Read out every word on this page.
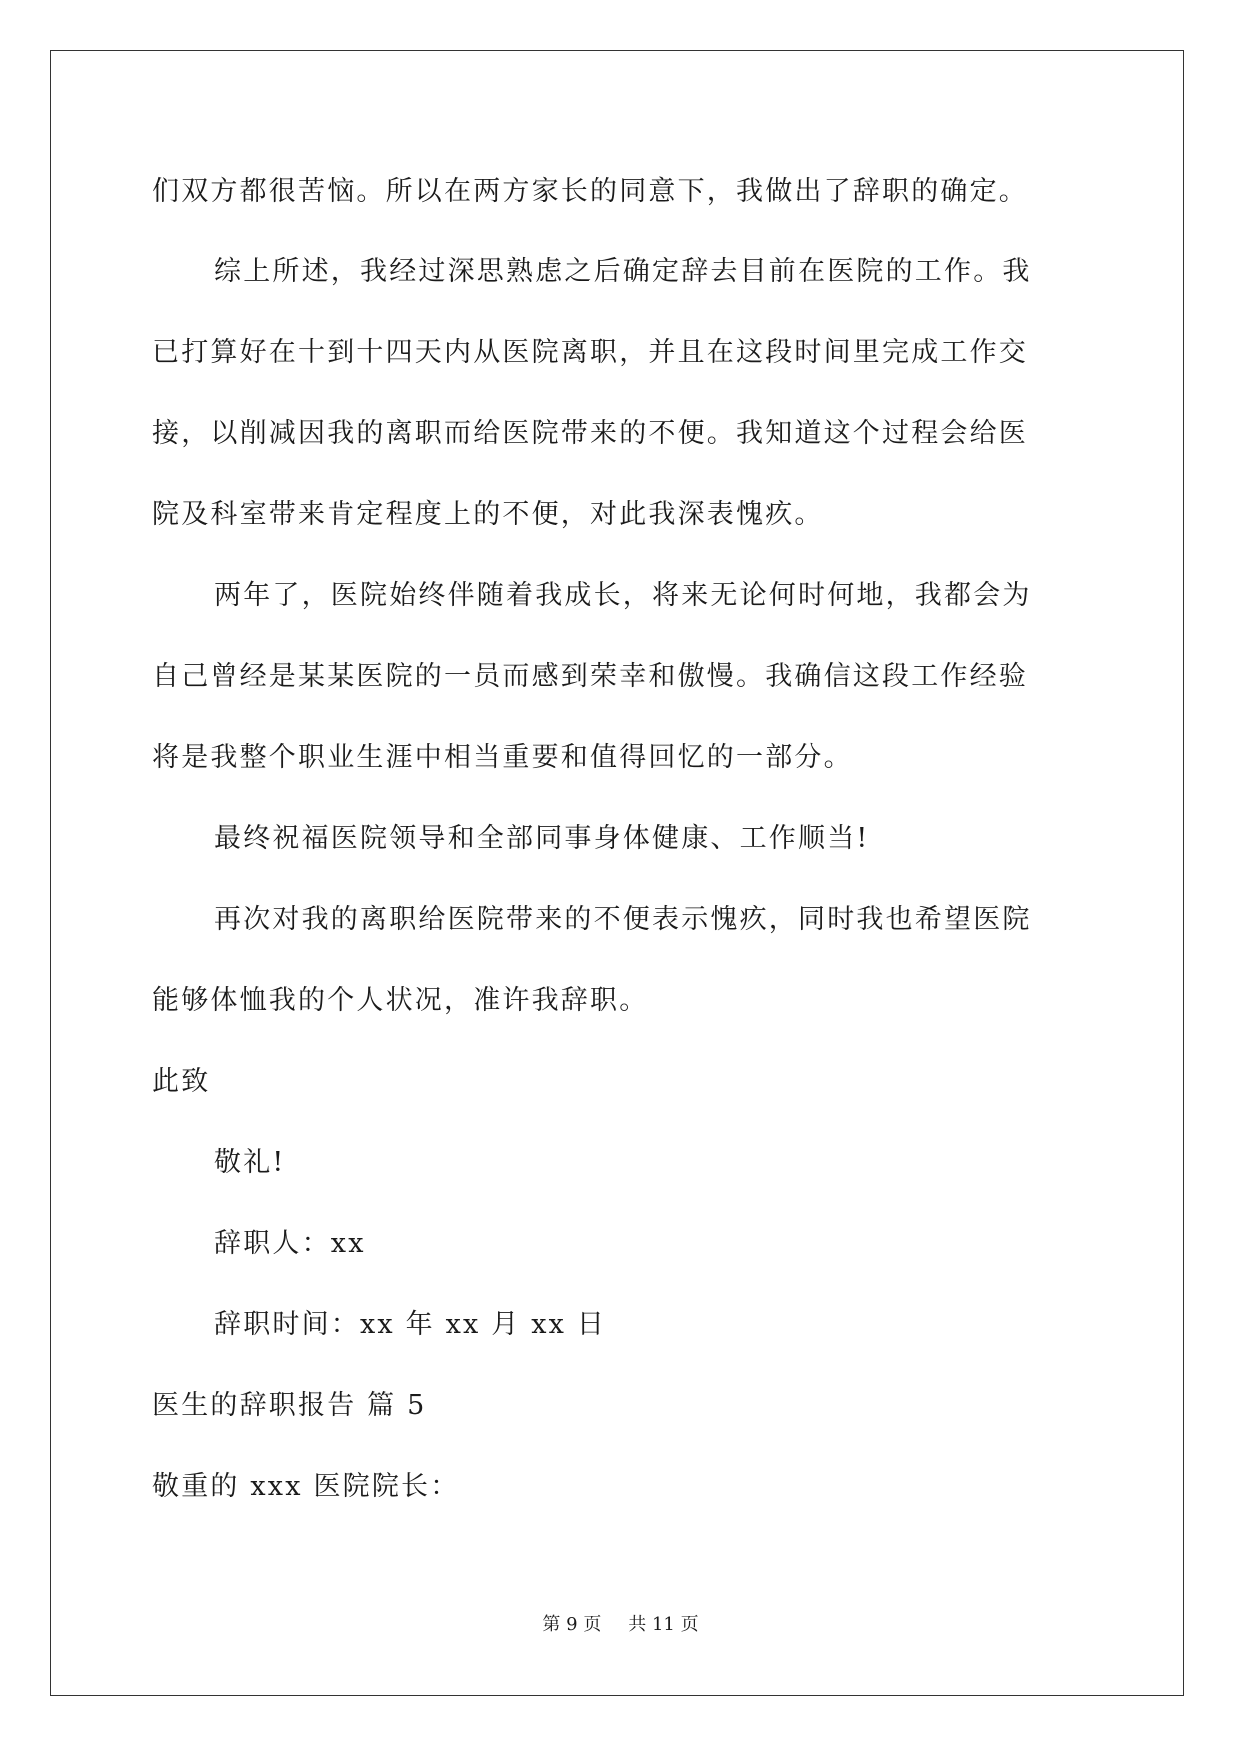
们双方都很苦恼。所以在两方家长的同意下，我做出了辞职的确定。
综上所述，我经过深思熟虑之后确定辞去目前在医院的工作。我
已打算好在十到十四天内从医院离职，并且在这段时间里完成工作交
接，以削减因我的离职而给医院带来的不便。我知道这个过程会给医
院及科室带来肯定程度上的不便，对此我深表愧疚。
两年了，医院始终伴随着我成长，将来无论何时何地，我都会为
自己曾经是某某医院的一员而感到荣幸和傲慢。我确信这段工作经验
将是我整个职业生涯中相当重要和值得回忆的一部分。
最终祝福医院领导和全部同事身体健康、工作顺当!
再次对我的离职给医院带来的不便表示愧疚，同时我也希望医院
能够体恤我的个人状况，准许我辞职。
此致
敬礼!
辞职人：xx
辞职时间：xx 年 xx 月 xx 日
医生的辞职报告 篇 5
敬重的 xxx 医院院长：
第 9 页 共 11 页
